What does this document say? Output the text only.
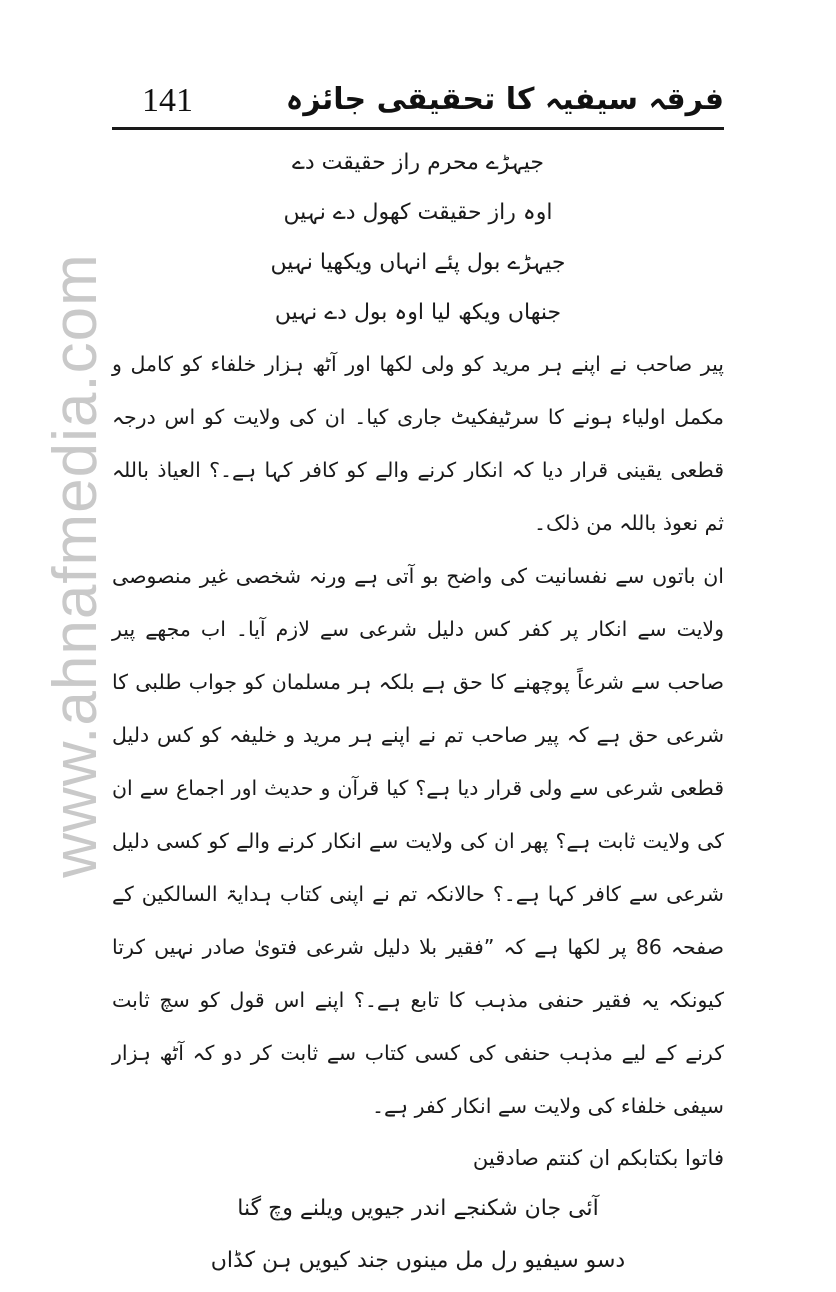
www.ahnafmedia.com
141	فرقہ سیفیہ کا تحقیقی جائزہ

جیہڑے محرم راز حقیقت دے

اوہ راز حقیقت کھول دے نہیں

جیہڑے بول پئے انہاں ویکھیا نہیں

جنھاں ویکھ لیا اوہ بول دے نہیں

پیر صاحب نے اپنے ہر مرید کو ولی لکھا اور آٹھ ہزار خلفاء کو کامل و مکمل اولیاء ہونے کا سرٹیفکیٹ جاری کیا۔ ان کی ولایت کو اس درجہ قطعی یقینی قرار دیا کہ انکار کرنے والے کو کافر کہا ہے۔؟ العیاذ باللہ ثم نعوذ باللہ من ذلک۔

ان باتوں سے نفسانیت کی واضح بو آتی ہے ورنہ شخصی غیر منصوصی ولایت سے انکار پر کفر کس دلیل شرعی سے لازم آیا۔ اب مجھے پیر صاحب سے شرعاً پوچھنے کا حق ہے بلکہ ہر مسلمان کو جواب طلبی کا شرعی حق ہے کہ پیر صاحب تم نے اپنے ہر مرید و خلیفہ کو کس دلیل قطعی شرعی سے ولی قرار دیا ہے؟ کیا قرآن و حدیث اور اجماع سے ان کی ولایت ثابت ہے؟ پھر ان کی ولایت سے انکار کرنے والے کو کسی دلیل شرعی سے کافر کہا ہے۔؟ حالانکہ تم نے اپنی کتاب ہدایۃ السالکین کے صفحہ 86 پر لکھا ہے کہ ”فقیر بلا دلیل شرعی فتویٰ صادر نہیں کرتا کیونکہ یہ فقیر حنفی مذہب کا تابع ہے۔؟ اپنے اس قول کو سچ ثابت کرنے کے لیے مذہب حنفی کی کسی کتاب سے ثابت کر دو کہ آٹھ ہزار سیفی خلفاء کی ولایت سے انکار کفر ہے۔

فاتوا بکتابکم ان کنتم صادقین

آئی جان شکنجے اندر جیویں ویلنے وچ گنا

دسو سیفیو رل مل مینوں جند کیویں ہن کڈاں
